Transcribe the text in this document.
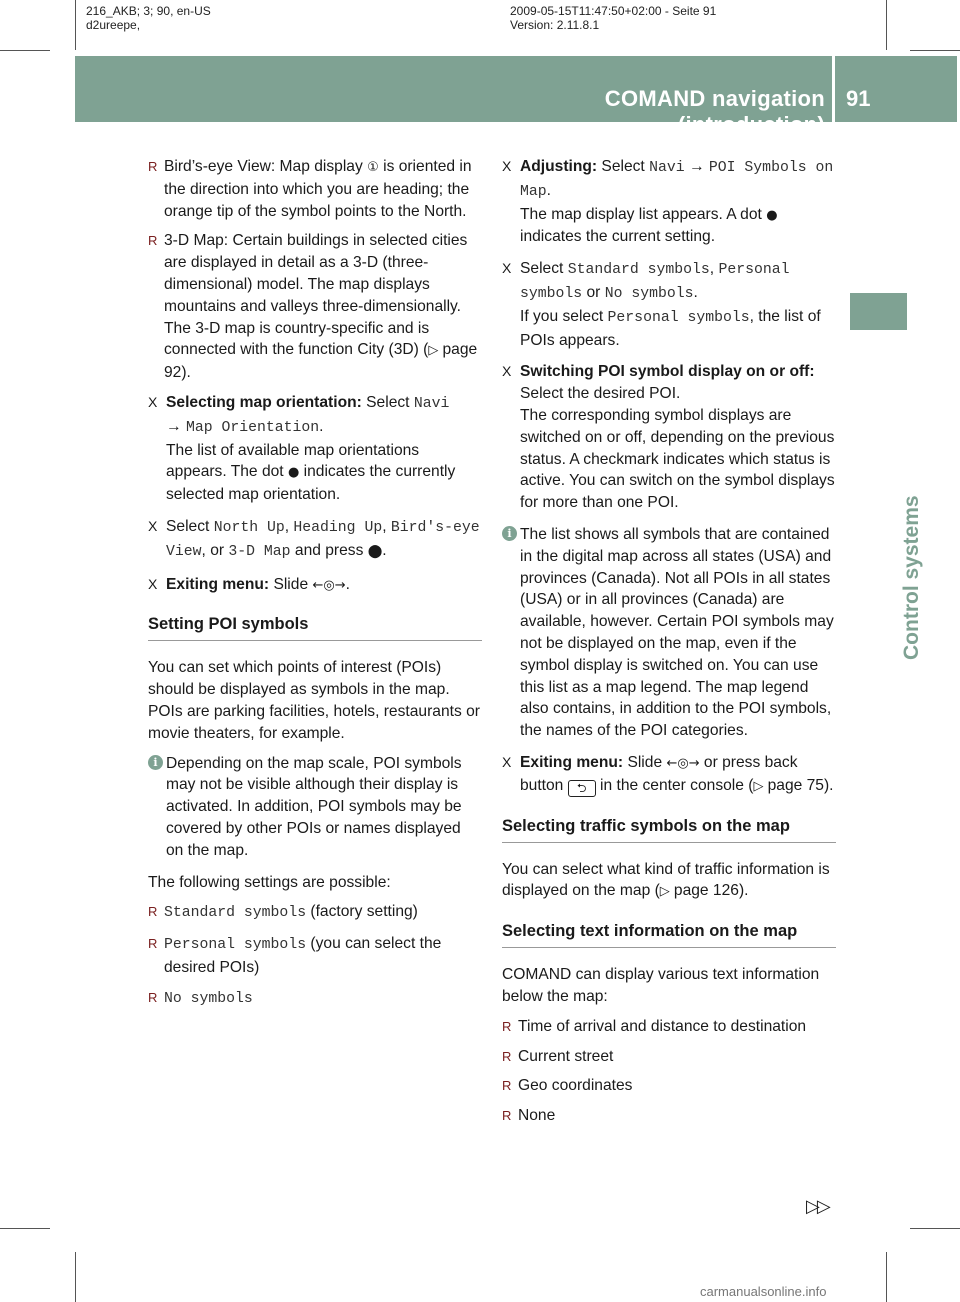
216_AKB; 3; 90, en-US
d2ureepe,
2009-05-15T11:47:50+02:00 - Seite 91
Version: 2.11.8.1
COMAND navigation (introduction)
91
Control systems
R Bird’s-eye View: Map display ① is oriented in the direction into which you are heading; the orange tip of the symbol points to the North.
R 3-D Map: Certain buildings in selected cities are displayed in detail as a 3-D (three-dimensional) model. The map displays mountains and valleys three-dimensionally. The 3-D map is country-specific and is connected with the function City (3D) (▷ page 92).
X Selecting map orientation: Select Navi
→ Map Orientation.
The list of available map orientations appears. The dot ● indicates the currently selected map orientation.
X Select North Up, Heading Up, Bird's-eye View, or 3-D Map and press ⬤.
X Exiting menu: Slide ←◎→.
Setting POI symbols

You can set which points of interest (POIs) should be displayed as symbols in the map. POIs are parking facilities, hotels, restaurants or movie theaters, for example.

i Depending on the map scale, POI symbols may not be visible although their display is activated. In addition, POI symbols may be covered by other POIs or names displayed on the map.

The following settings are possible:

R Standard symbols (factory setting)
R Personal symbols (you can select the desired POIs)
R No symbols
X Adjusting: Select Navi → POI Symbols on Map.
The map display list appears. A dot ● indicates the current setting.
X Select Standard symbols, Personal symbols or No symbols.
If you select Personal symbols, the list of POIs appears.
X Switching POI symbol display on or off: Select the desired POI.
The corresponding symbol displays are switched on or off, depending on the previous status. A checkmark indicates which status is active. You can switch on the symbol displays for more than one POI.
i The list shows all symbols that are contained in the digital map across all states (USA) and provinces (Canada). Not all POIs in all states (USA) or in all provinces (Canada) are available, however. Certain POI symbols may not be displayed on the map, even if the symbol display is switched on. You can use this list as a map legend. The map legend also contains, in addition to the POI symbols, the names of the POI categories.
X Exiting menu: Slide ←◎→ or press back button ⮌ in the center console (▷ page 75).
Selecting traffic symbols on the map

You can select what kind of traffic information is displayed on the map (▷ page 126).

Selecting text information on the map

COMAND can display various text information below the map:

R Time of arrival and distance to destination
R Current street
R Geo coordinates
R None
▷▷
carmanualsonline.info
